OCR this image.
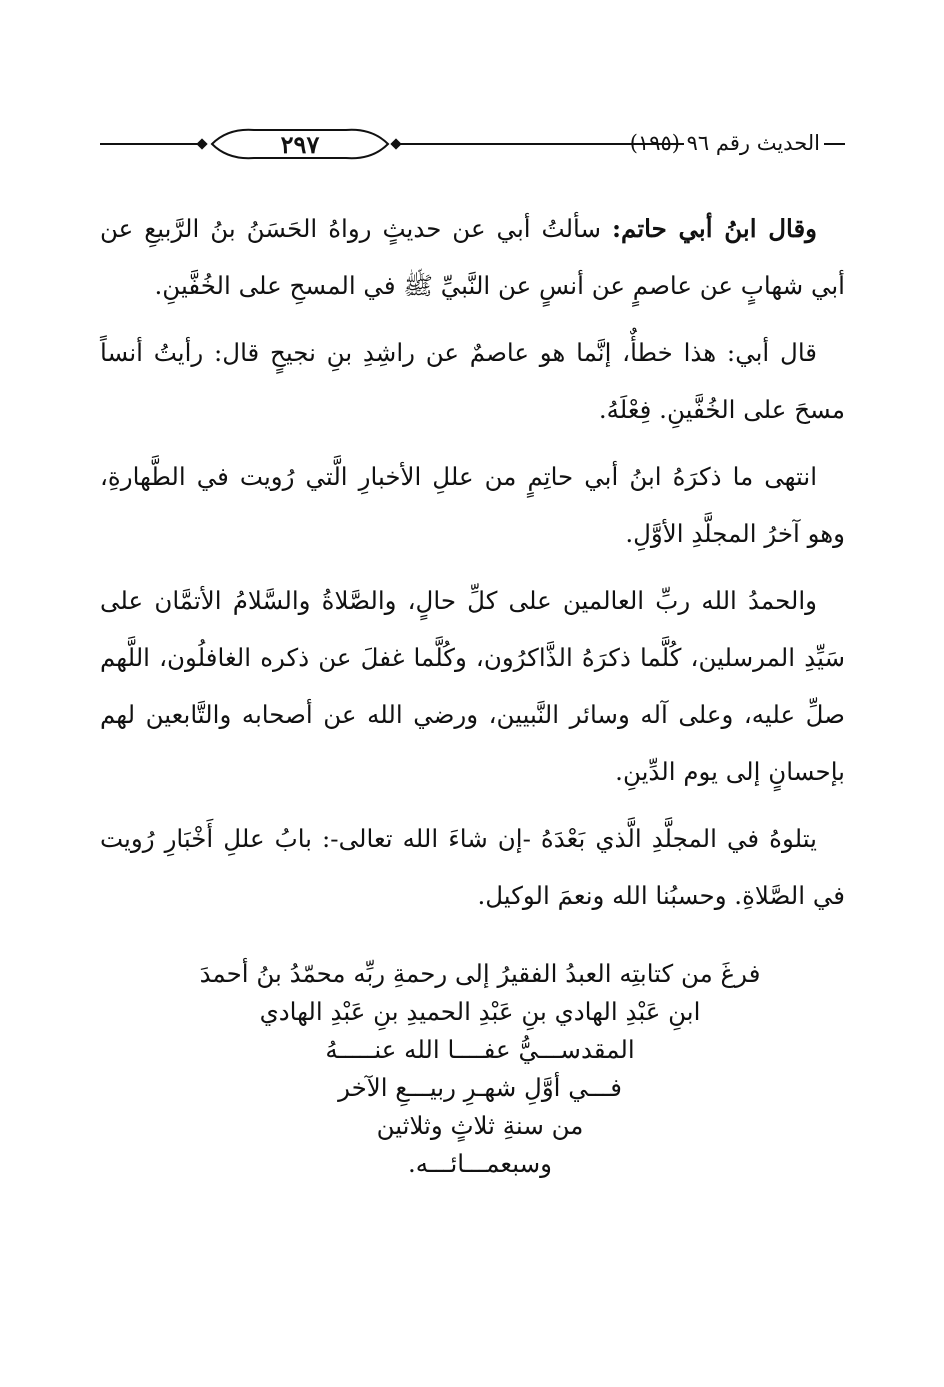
٢٩٧	الحديث رقم ٩٦ (١٩٥)

وقال ابنُ أبي حاتم: سألتُ أبي عن حديثٍ رواهُ الحَسَنُ بنُ الرَّبيعِ عن أبي شهابٍ عن عاصمٍ عن أنسٍ عن النَّبيِّ ﷺ في المسحِ على الخُفَّينِ.

قال أبي: هذا خطأٌ، إنَّما هو عاصمٌ عن راشِدِ بنِ نجيحٍ قال: رأيتُ أنساً مسحَ على الخُفَّينِ. فِعْلَهُ.

انتهى ما ذكرَهُ ابنُ أبي حاتِمٍ من عللِ الأخبارِ الَّتي رُويت في الطَّهارةِ، وهو آخرُ المجلَّدِ الأوَّلِ.

والحمدُ الله ربِّ العالمين على كلِّ حالٍ، والصَّلاةُ والسَّلامُ الأتمَّان على سَيِّدِ المرسلين، كُلَّما ذكرَهُ الذَّاكرُون، وكُلَّما غفلَ عن ذكره الغافلُون، اللَّهم صلِّ عليه، وعلى آله وسائر النَّبيين، ورضي الله عن أصحابه والتَّابعين لهم بإحسانٍ إلى يوم الدِّينِ.

يتلوهُ في المجلَّدِ الَّذي بَعْدَهُ -إن شاءَ الله تعالى-: بابُ عللِ أَخْبَارِ رُويت في الصَّلاةِ. وحسبُنا الله ونعمَ الوكيل.

فرغَ من كتابتِه العبدُ الفقيرُ إلى رحمةِ ربِّه محمّدُ بنُ أحمدَ
ابنِ عَبْدِ الهادي بنِ عَبْدِ الحميدِ بنِ عَبْدِ الهادي
المقدســـيُّ عفــــا الله عنـــــهُ
فـــي أوَّلِ شهـرِ ربيـــعِ الآخر
من سنةِ ثلاثٍ وثلاثين
وسبعمـــائـــه.
